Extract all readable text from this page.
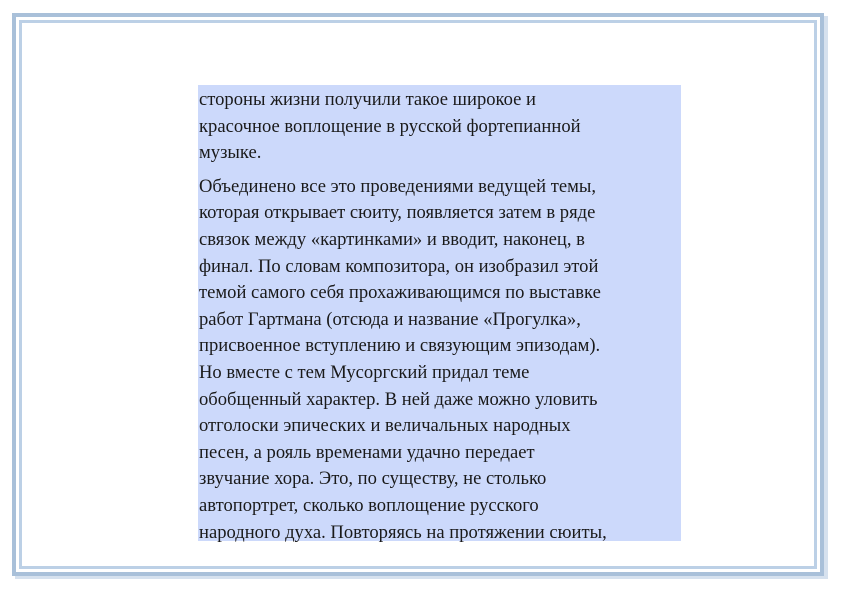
стороны жизни получили такое широкое и
красочное воплощение в русской фортепианной
музыке.

Объединено все это проведениями ведущей темы,
которая открывает сюиту, появляется затем в ряде
связок между «картинками» и вводит, наконец, в
финал. По словам композитора, он изобразил этой
темой самого себя прохаживающимся по выставке
работ Гартмана (отсюда и название «Прогулка»,
присвоенное вступлению и связующим эпизодам).
Но вместе с тем Мусоргский придал теме
обобщенный характер. В ней даже можно уловить
отголоски эпических и величальных народных
песен, а рояль временами удачно передает
звучание хора. Это, по существу, не столько
автопортрет, сколько воплощение русского
народного духа. Повторяясь на протяжении сюиты,
